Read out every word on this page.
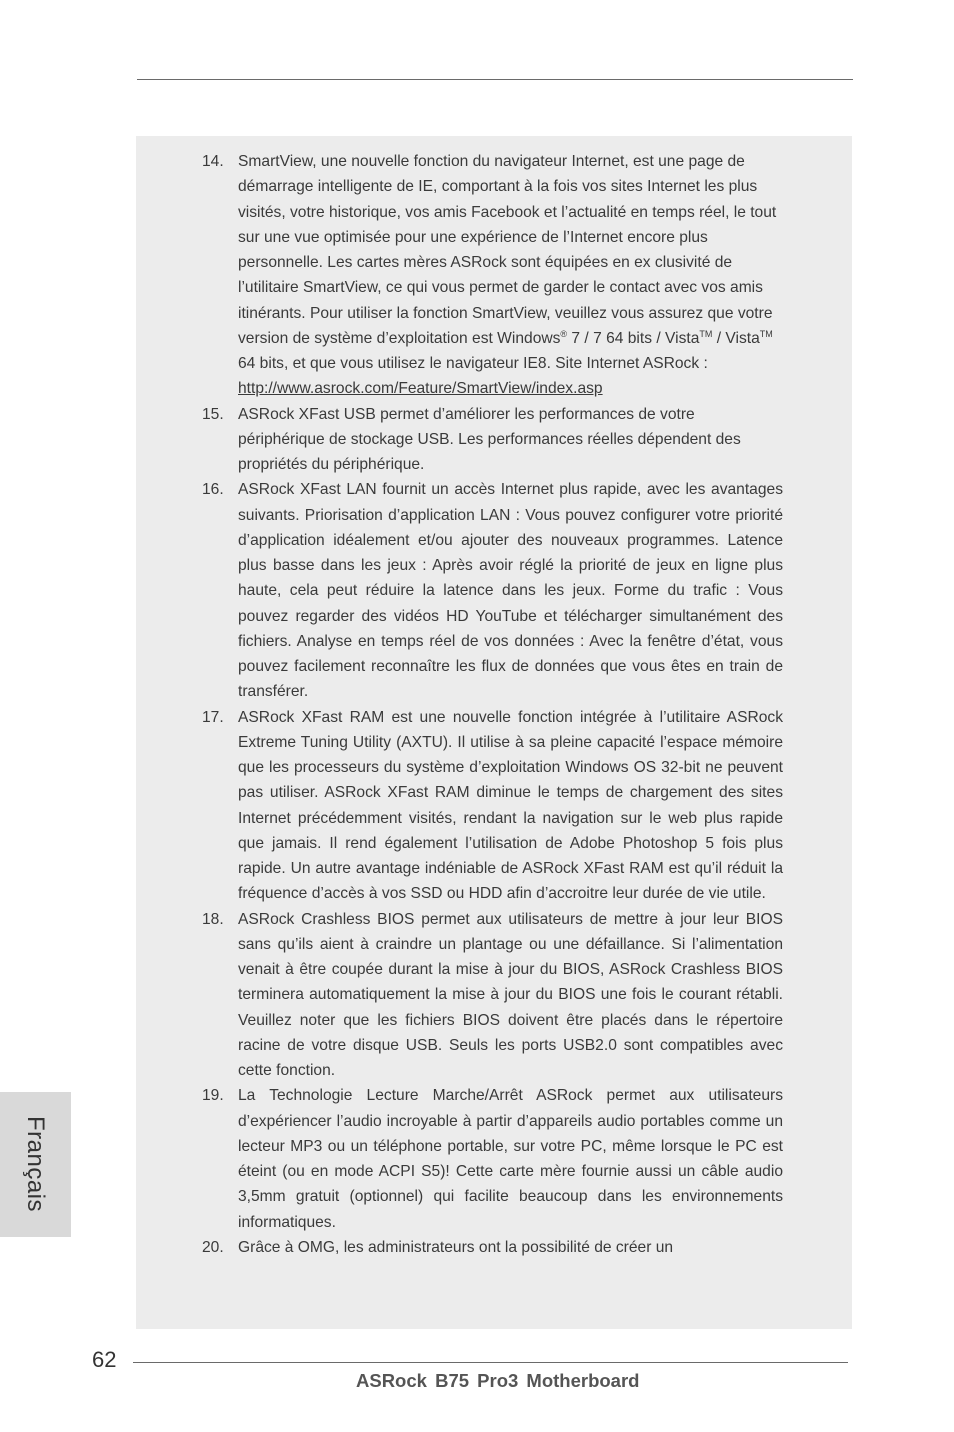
14. SmartView, une nouvelle fonction du navigateur Internet, est une page de démarrage intelligente de IE, comportant à la fois vos sites Internet les plus visités, votre historique, vos amis Facebook et l’actualité en temps réel, le tout sur une vue optimisée pour une expérience de l’Internet encore plus personnelle. Les cartes mères ASRock sont équipées en ex clusivité de l’utilitaire SmartView, ce qui vous permet de garder le contact avec vos amis itinérants. Pour utiliser la fonction SmartView, veuillez vous assurez que votre version de système d’exploitation est Windows® 7 / 7 64 bits / Vista™ / Vista™ 64 bits, et que vous utilisez le navigateur IE8. Site Internet ASRock : http://www.asrock.com/Feature/SmartView/index.asp
15. ASRock XFast USB permet d’améliorer les performances de votre périphérique de stockage USB. Les performances réelles dépendent des propriétés du périphérique.
16. ASRock XFast LAN fournit un accès Internet plus rapide, avec les avantages suivants. Priorisation d’application LAN : Vous pouvez configurer votre priorité d’application idéalement et/ou ajouter des nouveaux programmes. Latence plus basse dans les jeux : Après avoir réglé la priorité de jeux en ligne plus haute, cela peut réduire la latence dans les jeux. Forme du trafic : Vous pouvez regarder des vidéos HD YouTube et télécharger simultanément des fichiers. Analyse en temps réel de vos données : Avec la fenêtre d’état, vous pouvez facilement reconnaître les flux de données que vous êtes en train de transférer.
17. ASRock XFast RAM est une nouvelle fonction intégrée à l’utilitaire ASRock Extreme Tuning Utility (AXTU). Il utilise à sa pleine capacité l’espace mémoire que les processeurs du système d’exploitation Windows OS 32-bit ne peuvent pas utiliser. ASRock XFast RAM diminue le temps de chargement des sites Internet précédemment visités, rendant la navigation sur le web plus rapide que jamais. Il rend également l’utilisation de Adobe Photoshop 5 fois plus rapide. Un autre avantage indéniable de ASRock XFast RAM est qu’il réduit la fréquence d’accès à vos SSD ou HDD afin d’accroitre leur durée de vie utile.
18. ASRock Crashless BIOS permet aux utilisateurs de mettre à jour leur BIOS sans qu’ils aient à craindre un plantage ou une défaillance. Si l’alimentation venait à être coupée durant la mise à jour du BIOS, ASRock Crashless BIOS terminera automatiquement la mise à jour du BIOS une fois le courant rétabli. Veuillez noter que les fichiers BIOS doivent être placés dans le répertoire racine de votre disque USB. Seuls les ports USB2.0 sont compatibles avec cette fonction.
19. La Technologie Lecture Marche/Arrêt ASRock permet aux utilisateurs d’expériencer l’audio incroyable à partir d’appareils audio portables comme un lecteur MP3 ou un téléphone portable, sur votre PC, même lorsque le PC est éteint (ou en mode ACPI S5)! Cette carte mère fournie aussi un câble audio 3,5mm gratuit (optionnel) qui facilite beaucoup dans les environnements informatiques.
20. Grâce à OMG, les administrateurs ont la possibilité de créer un
Français
62
ASRock B75 Pro3 Motherboard
